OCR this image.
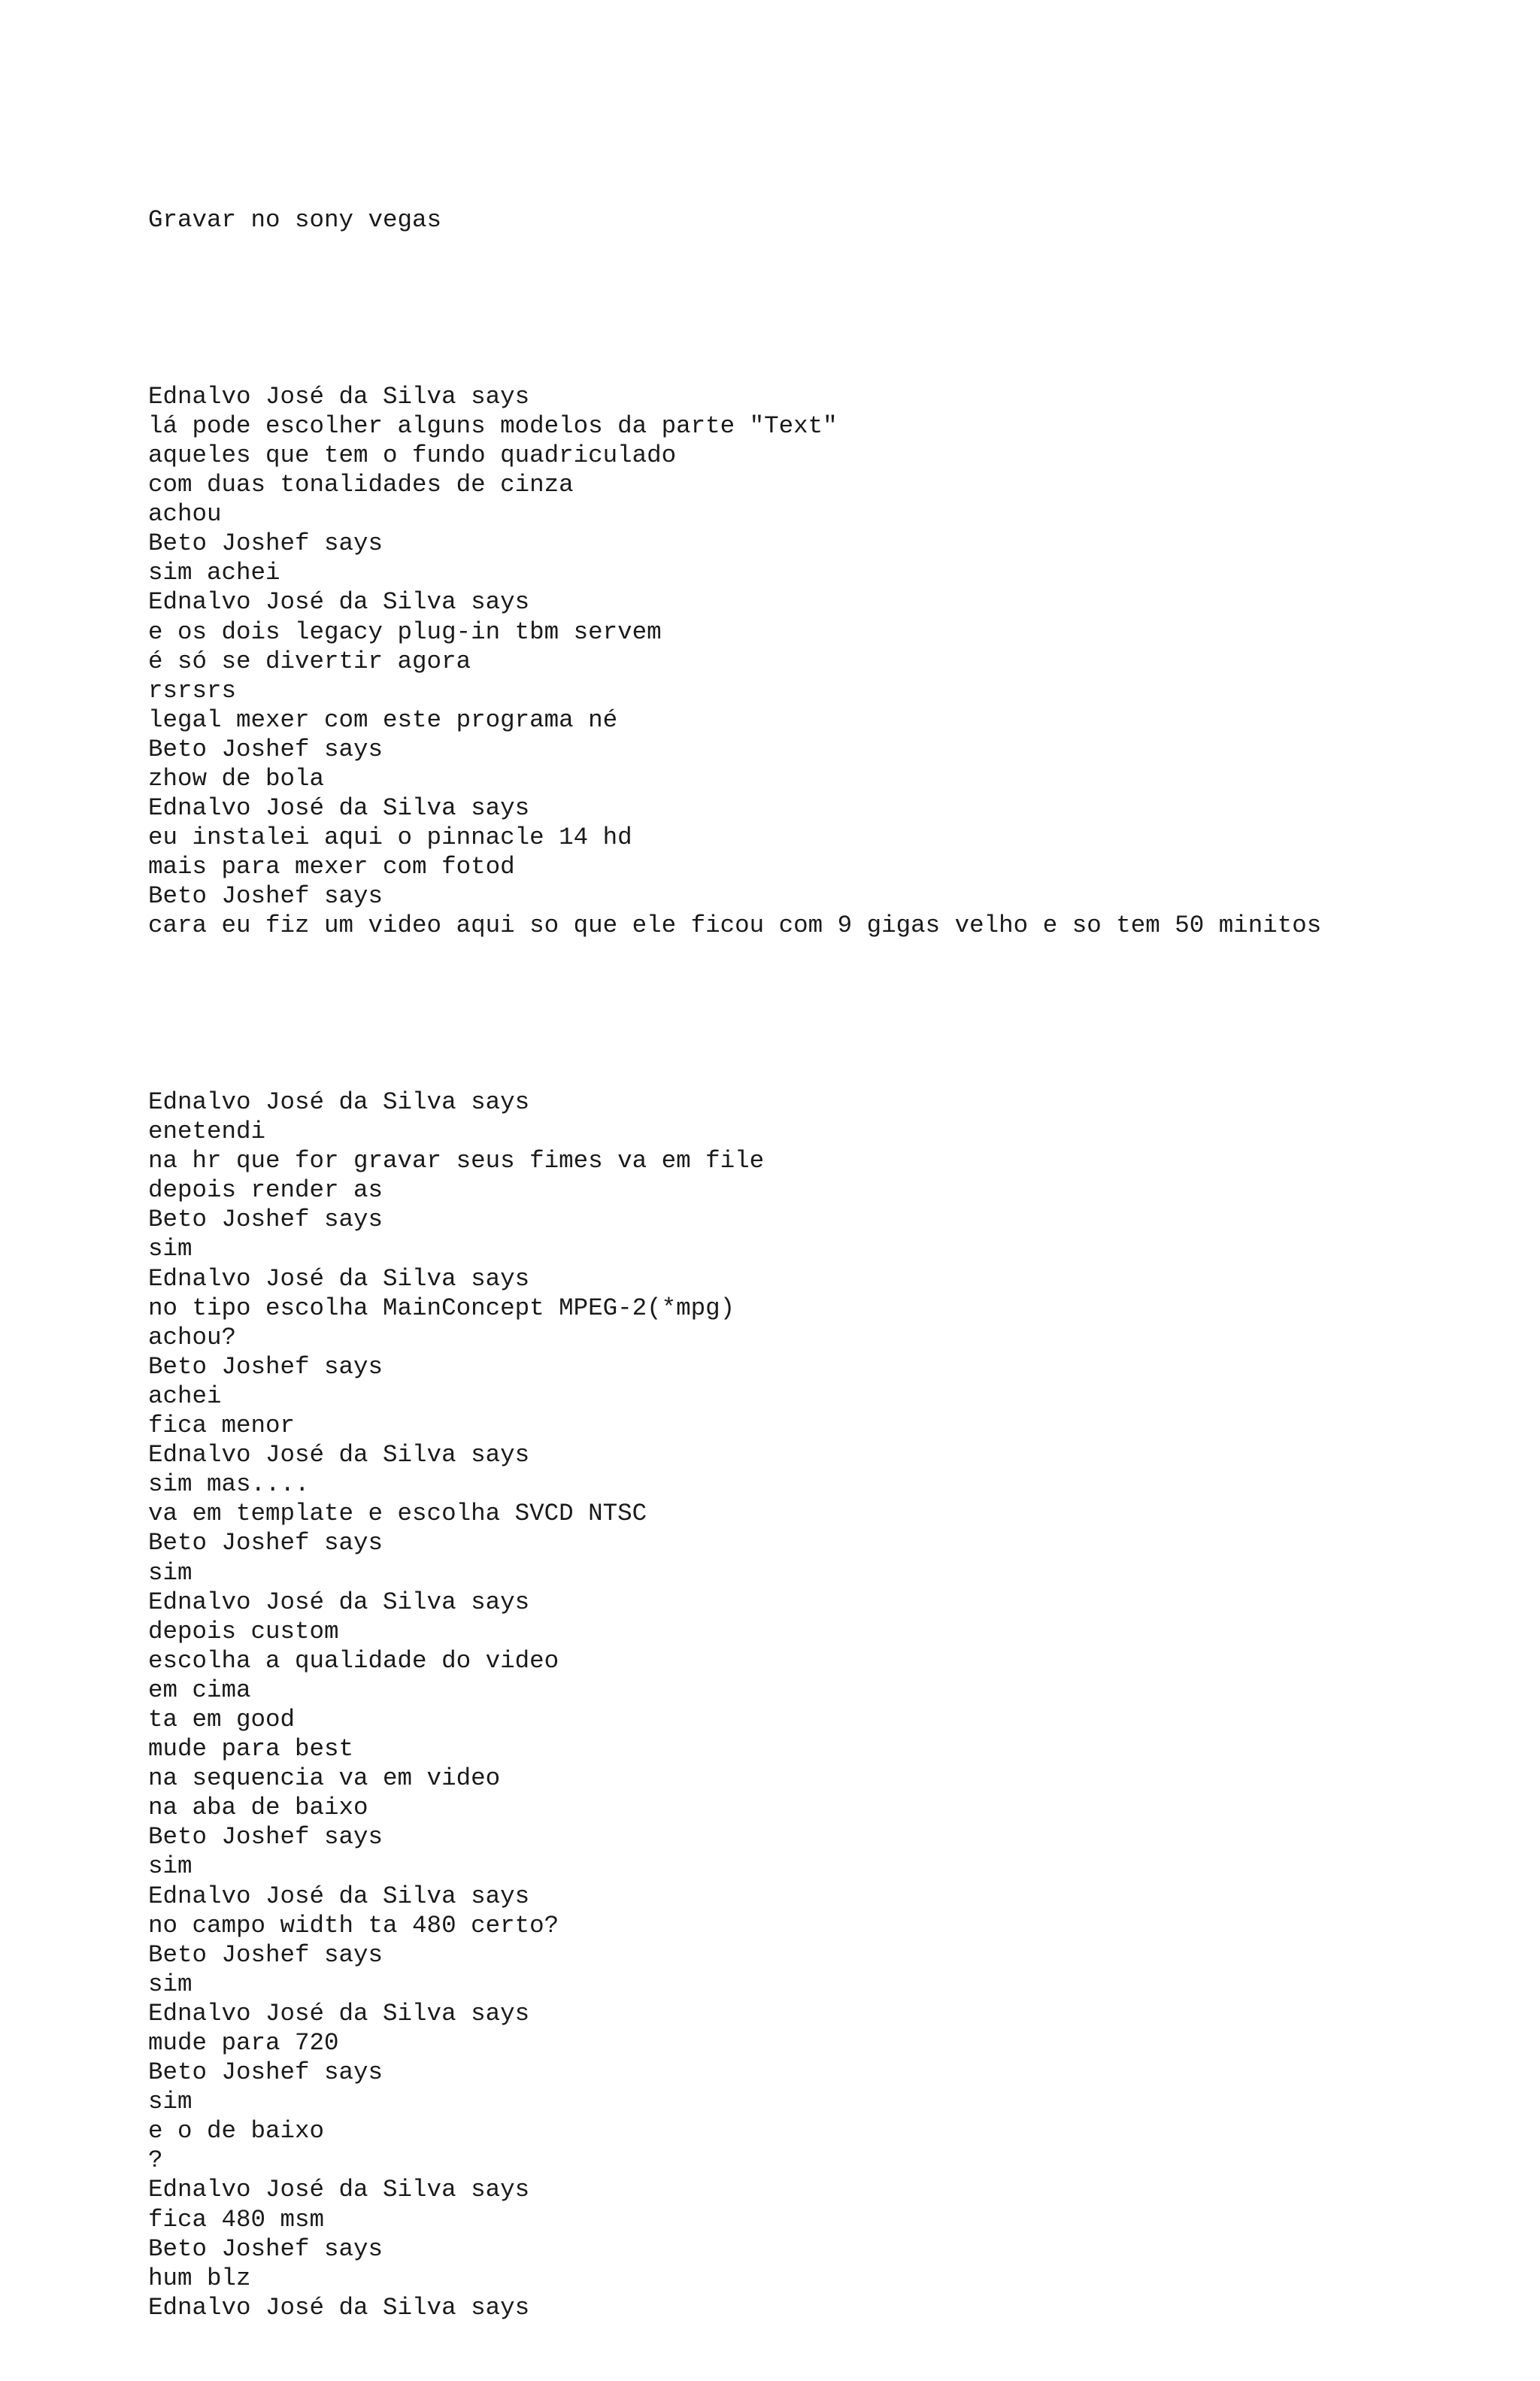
Gravar no sony vegas

Ednalvo José da Silva says
lá pode escolher alguns modelos da parte "Text"
aqueles que tem o fundo quadriculado
com duas tonalidades de cinza
achou
Beto Joshef says
sim achei
Ednalvo José da Silva says
e os dois legacy plug-in tbm servem
é só se divertir agora
rsrsrs
legal mexer com este programa né
Beto Joshef says
zhow de bola
Ednalvo José da Silva says
eu instalei aqui o pinnacle 14 hd
mais para mexer com fotod
Beto Joshef says
cara eu fiz um video aqui so que ele ficou com 9 gigas velho e so tem 50 minitos

Ednalvo José da Silva says
enetendi
na hr que for gravar seus fimes va em file
depois render as
Beto Joshef says
sim
Ednalvo José da Silva says
no tipo escolha MainConcept MPEG-2(*mpg)
achou?
Beto Joshef says
achei
fica menor
Ednalvo José da Silva says
sim mas....
va em template e escolha SVCD NTSC
Beto Joshef says
sim
Ednalvo José da Silva says
depois custom
escolha a qualidade do video
em cima
ta em good
mude para best
na sequencia va em video
na aba de baixo
Beto Joshef says
sim
Ednalvo José da Silva says
no campo width ta 480 certo?
Beto Joshef says
sim
Ednalvo José da Silva says
mude para 720
Beto Joshef says
sim
e o de baixo
?
Ednalvo José da Silva says
fica 480 msm
Beto Joshef says
hum blz
Ednalvo José da Silva says
